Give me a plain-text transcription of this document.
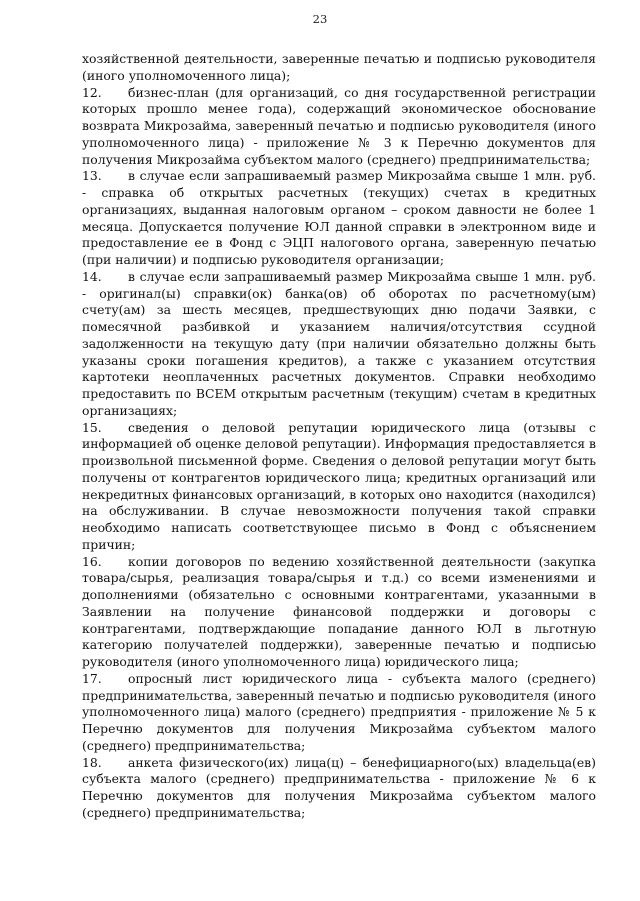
23

хозяйственной деятельности, заверенные печатью и подписью руководителя (иного уполномоченного лица);

12. бизнес-план (для организаций, со дня государственной регистрации которых прошло менее года), содержащий экономическое обоснование возврата Микрозайма, заверенный печатью и подписью руководителя (иного уполномоченного лица) - приложение № 3 к Перечню документов для получения Микрозайма субъектом малого (среднего) предпринимательства;

13. в случае если запрашиваемый размер Микрозайма свыше 1 млн. руб. - справка об открытых расчетных (текущих) счетах в кредитных организациях, выданная налоговым органом – сроком давности не более 1 месяца. Допускается получение ЮЛ данной справки в электронном виде и предоставление ее в Фонд с ЭЦП налогового органа, заверенную печатью (при наличии) и подписью руководителя организации;

14. в случае если запрашиваемый размер Микрозайма свыше 1 млн. руб. - оригинал(ы) справки(ок) банка(ов) об оборотах по расчетному(ым) счету(ам) за шесть месяцев, предшествующих дню подачи Заявки, с помесячной разбивкой и указанием наличия/отсутствия ссудной задолженности на текущую дату (при наличии обязательно должны быть указаны сроки погашения кредитов), а также с указанием отсутствия картотеки неоплаченных расчетных документов. Справки необходимо предоставить по ВСЕМ открытым расчетным (текущим) счетам в кредитных организациях;

15. сведения о деловой репутации юридического лица (отзывы с информацией об оценке деловой репутации). Информация предоставляется в произвольной письменной форме. Сведения о деловой репутации могут быть получены от контрагентов юридического лица; кредитных организаций или некредитных финансовых организаций, в которых оно находится (находился) на обслуживании. В случае невозможности получения такой справки необходимо написать соответствующее письмо в Фонд с объяснением причин;

16. копии договоров по ведению хозяйственной деятельности (закупка товара/сырья, реализация товара/сырья и т.д.) со всеми изменениями и дополнениями (обязательно с основными контрагентами, указанными в Заявлении на получение финансовой поддержки и договоры с контрагентами, подтверждающие попадание данного ЮЛ в льготную категорию получателей поддержки), заверенные печатью и подписью руководителя (иного уполномоченного лица) юридического лица;

17. опросный лист юридического лица - субъекта малого (среднего) предпринимательства, заверенный печатью и подписью руководителя (иного уполномоченного лица) малого (среднего) предприятия - приложение № 5 к Перечню документов для получения Микрозайма субъектом малого (среднего) предпринимательства;

18. анкета физического(их) лица(ц) – бенефициарного(ых) владельца(ев) субъекта малого (среднего) предпринимательства - приложение № 6 к Перечню документов для получения Микрозайма субъектом малого (среднего) предпринимательства;
